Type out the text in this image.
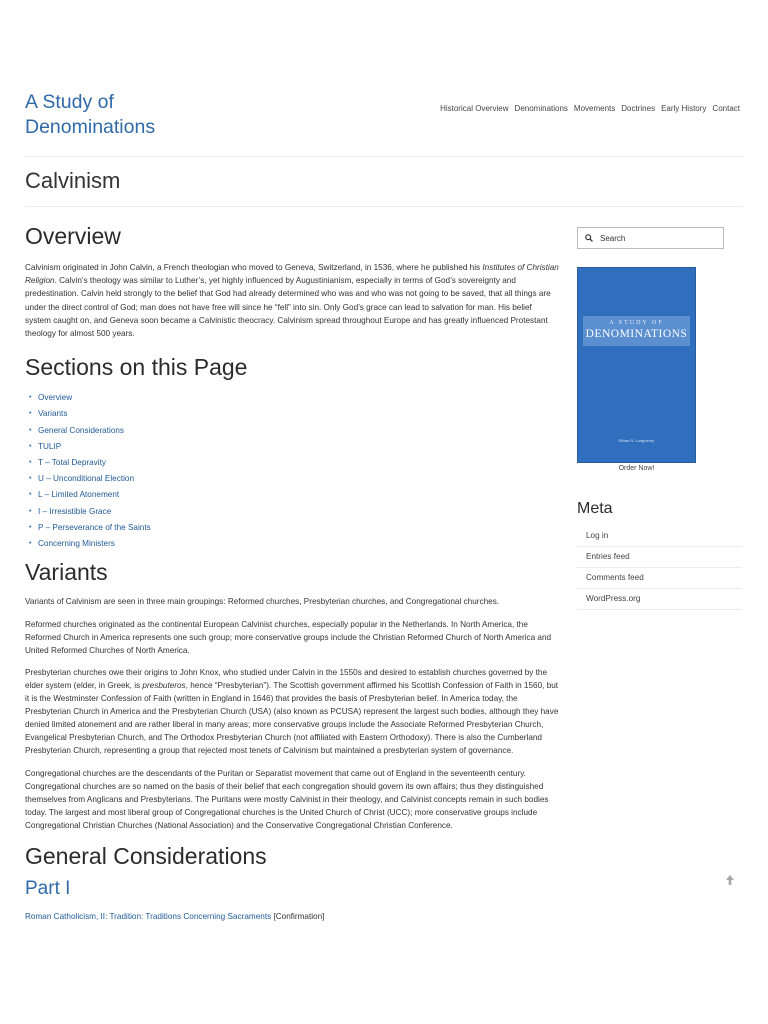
A Study of Denominations
Historical Overview Denominations Movements Doctrines Early History Contact
Calvinism
Overview

Calvinism originated in John Calvin, a French theologian who moved to Geneva, Switzerland, in 1536, where he published his Institutes of Christian Religion. Calvin’s theology was similar to Luther’s, yet highly influenced by Augustinianism, especially in terms of God’s sovereignty and predestination. Calvin held strongly to the belief that God had already determined who was and who was not going to be saved, that all things are under the direct control of God; man does not have free will since he “fell” into sin. Only God’s grace can lead to salvation for man. His belief system caught on, and Geneva soon became a Calvinistic theocracy. Calvinism spread throughout Europe and has greatly influenced Protestant theology for almost 500 years.

Sections on this Page
• Overview
• Variants
• General Considerations
• TULIP
• T – Total Depravity
• U – Unconditional Election
• L – Limited Atonement
• I – Irresistible Grace
• P – Perseverance of the Saints
• Concerning Ministers
Variants

Variants of Calvinism are seen in three main groupings: Reformed churches, Presbyterian churches, and Congregational churches.

Reformed churches originated as the continental European Calvinist churches, especially popular in the Netherlands. In North America, the Reformed Church in America represents one such group; more conservative groups include the Christian Reformed Church of North America and United Reformed Churches of North America.

Presbyterian churches owe their origins to John Knox, who studied under Calvin in the 1550s and desired to establish churches governed by the elder system (elder, in Greek, is presbuteros, hence “Presbyterian”). The Scottish government affirmed his Scottish Confession of Faith in 1560, but it is the Westminster Confession of Faith (written in England in 1646) that provides the basis of Presbyterian belief. In America today, the Presbyterian Church in America and the Presbyterian Church (USA) (also known as PCUSA) represent the largest such bodies, although they have denied limited atonement and are rather liberal in many areas; more conservative groups include the Associate Reformed Presbyterian Church, Evangelical Presbyterian Church, and The Orthodox Presbyterian Church (not affiliated with Eastern Orthodoxy). There is also the Cumberland Presbyterian Church, representing a group that rejected most tenets of Calvinism but maintained a presbyterian system of governance.

Congregational churches are the descendants of the Puritan or Separatist movement that came out of England in the seventeenth century. Congregational churches are so named on the basis of their belief that each congregation should govern its own affairs; thus they distinguished themselves from Anglicans and Presbyterians. The Puritans were mostly Calvinist in their theology, and Calvinist concepts remain in such bodies today. The largest and most liberal group of Congregational churches is the United Church of Christ (UCC); more conservative groups include Congregational Christian Churches (National Association) and the Conservative Congregational Christian Conference.

General Considerations
Part I

Roman Catholicism, II: Tradition: Traditions Concerning Sacraments [Confirmation]

Search
A STUDY OF
DENOMINATIONS
Ethan R. Longhenry
Order Now!
Meta
Log in
Entries feed
Comments feed
WordPress.org
